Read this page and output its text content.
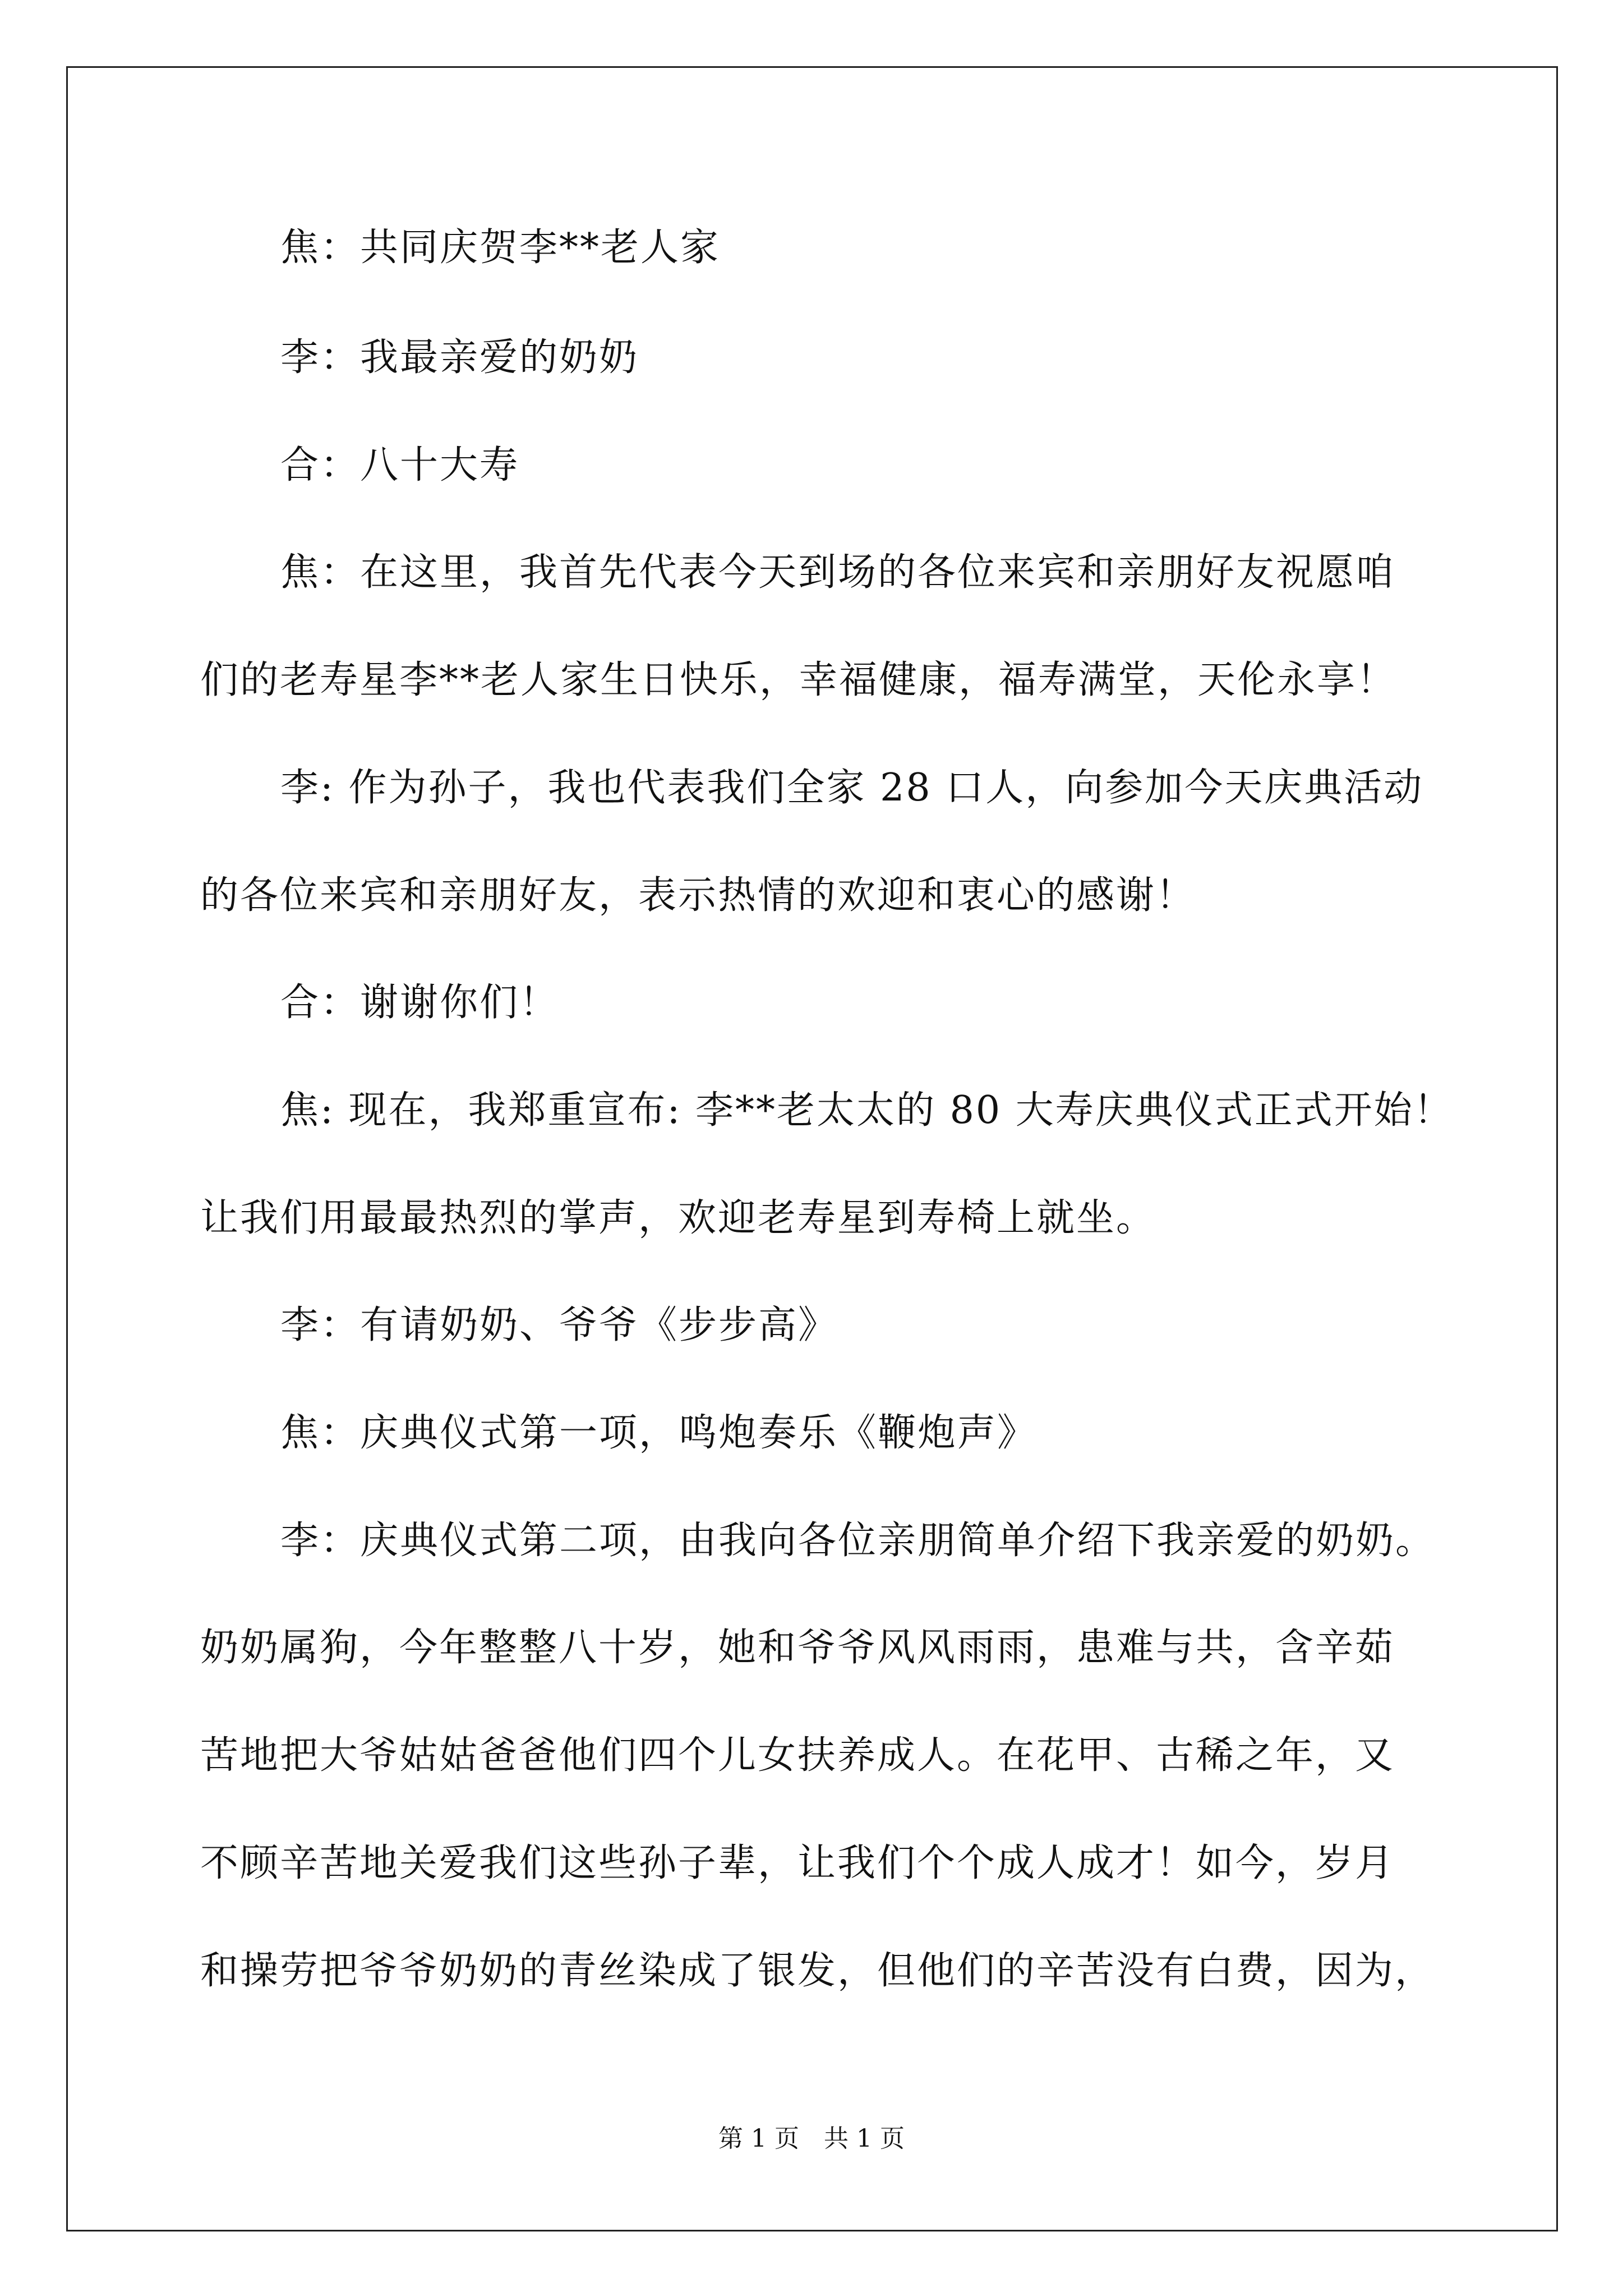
焦：共同庆贺李**老人家
李：我最亲爱的奶奶
合：八十大寿
焦：在这里，我首先代表今天到场的各位来宾和亲朋好友祝愿咱
们的老寿星李**老人家生日快乐，幸福健康，福寿满堂，天伦永享！
李: 作为孙子，我也代表我们全家 28 口人，向参加今天庆典活动
的各位来宾和亲朋好友，表示热情的欢迎和衷心的感谢！
合：谢谢你们！
焦: 现在，我郑重宣布: 李**老太太的 80 大寿庆典仪式正式开始！
让我们用最最热烈的掌声，欢迎老寿星到寿椅上就坐。
李：有请奶奶、爷爷《步步高》
焦：庆典仪式第一项，鸣炮奏乐《鞭炮声》
李：庆典仪式第二项，由我向各位亲朋简单介绍下我亲爱的奶奶。
奶奶属狗，今年整整八十岁，她和爷爷风风雨雨，患难与共，含辛茹
苦地把大爷姑姑爸爸他们四个儿女扶养成人。在花甲、古稀之年，又
不顾辛苦地关爱我们这些孙子辈，让我们个个成人成才！如今，岁月
和操劳把爷爷奶奶的青丝染成了银发，但他们的辛苦没有白费，因为，
第 1 页　共 1 页
